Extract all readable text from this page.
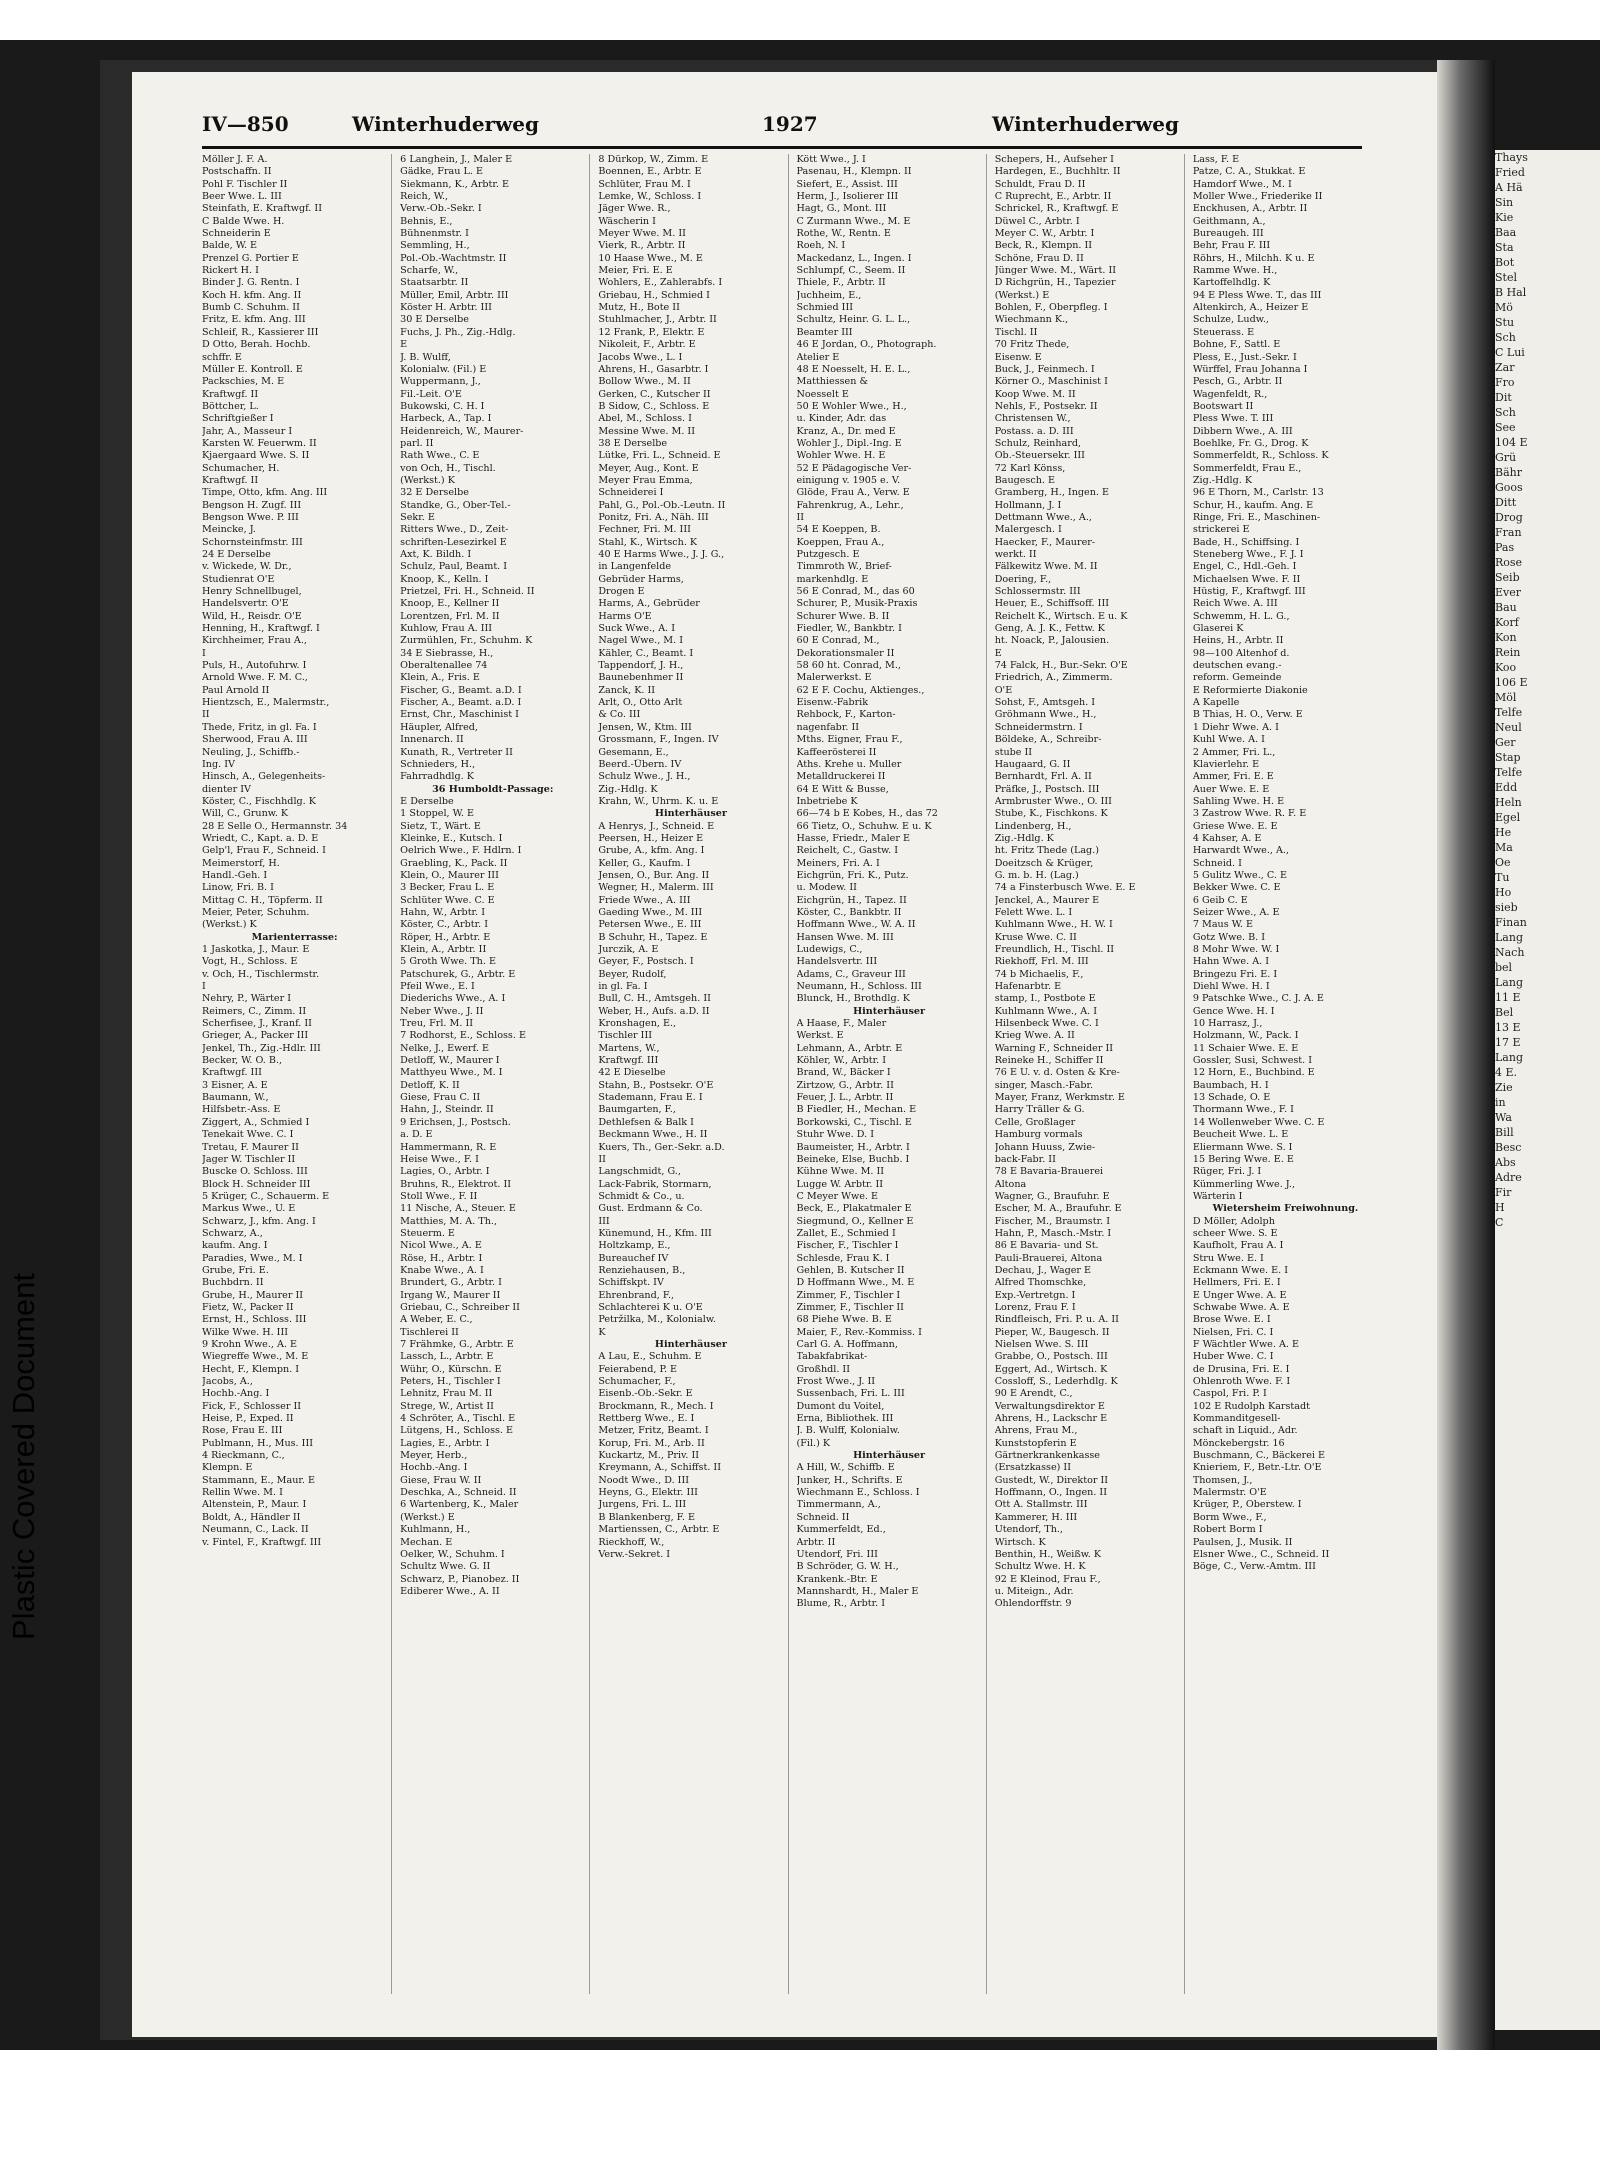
Plastic Covered Document
IV—850	Winterhuderweg	1927	Winterhuderweg
Möller J. F. A.
Postschaffn. II
Pohl F. Tischler II
Beer Wwe. L. III
Steinfath, E. Kraftwgf. II
C Balde Wwe. H.
Schneiderin E
Balde, W. E
Prenzel G. Portier E
Rickert H. I
Binder J. G. Rentn. I
Koch H. kfm. Ang. II
Bumb C. Schuhm. II
Fritz, E. kfm. Ang. III
Schleif, R., Kassierer III
D Otto, Berah. Hochb.
schffr. E
Müller E. Kontroll. E
Packschies, M. E
Kraftwgf. II
Böttcher, L.
Schriftgießer I
Jahr, A., Masseur I
Karsten W. Feuerwm. II
Kjaergaard Wwe. S. II
Schumacher, H.
Kraftwgf. II
Timpe, Otto, kfm. Ang. III
Bengson H. Zugf. III
Bengson Wwe. P. III
Meincke, J.
Schornsteinfmstr. III
24 E Derselbe
v. Wickede, W. Dr.,
Studienrat O'E
Henry Schnellbugel,
Handelsvertr. O'E
Wild, H., Reisdr. O'E
Henning, H., Kraftwgf. I
Kirchheimer, Frau A.,
I
Puls, H., Autofuhrw. I
Arnold Wwe. F. M. C.,
Paul Arnold II
Hientzsch, E., Malermstr.,
II
Thede, Fritz, in gl. Fa. I
Sherwood, Frau A. III
Neuling, J., Schiffb.-
Ing. IV
Hinsch, A., Gelegenheits-
dienter IV
Köster, C., Fischhdlg. K
Will, C., Grunw. K
28 E Selle O., Hermannstr. 34
Wriedt, C., Kapt. a. D. E
Gelp'l, Frau F., Schneid. I
Meimerstorf, H.
Handl.-Geh. I
Linow, Fri. B. I
Mittag C. H., Töpferm. II
Meier, Peter, Schuhm.
(Werkst.) K
Marienterrasse:
1 Jaskotka, J., Maur. E
Vogt, H., Schloss. E
v. Och, H., Tischlermstr.
I
Nehry, P., Wärter I
Reimers, C., Zimm. II
Scherfisee, J., Kranf. II
Grieger, A., Packer III
Jenkel, Th., Zig.-Hdlr. III
Becker, W. O. B.,
Kraftwgf. III
3 Eisner, A. E
Baumann, W.,
Hilfsbetr.-Ass. E
Ziggert, A., Schmied I
Tenekait Wwe. C. I
Tretau, F. Maurer II
Jager W. Tischler II
Buscke O. Schloss. III
Block H. Schneider III
5 Krüger, C., Schauerm. E
Markus Wwe., U. E
Schwarz, J., kfm. Ang. I
Schwarz, A.,
kaufm. Ang. I
Paradies, Wwe., M. I
Grube, Fri. E.
Buchbdrn. II
Grube, H., Maurer II
Fietz, W., Packer II
Ernst, H., Schloss. III
Wilke Wwe. H. III
9 Krohn Wwe., A. E
Wiegreffe Wwe., M. E
Hecht, F., Klempn. I
Jacobs, A.,
Hochb.-Ang. I
Fick, F., Schlosser II
Heise, P., Exped. II
Rose, Frau E. III
Publmann, H., Mus. III
4 Rieckmann, C.,
Klempn. E
Stammann, E., Maur. E
Rellin Wwe. M. I
Altenstein, P., Maur. I
Boldt, A., Händler II
Neumann, C., Lack. II
v. Fintel, F., Kraftwgf. III
6 Langhein, J., Maler E
Gädke, Frau L. E
Siekmann, K., Arbtr. E
Reich, W.,
Verw.-Ob.-Sekr. I
Behnis, E.,
Bühnenmstr. I
Semmling, H.,
Pol.-Ob.-Wachtmstr. II
Scharfe, W.,
Staatsarbtr. II
Müller, Emil, Arbtr. III
Köster H. Arbtr. III
30 E Derselbe
Fuchs, J. Ph., Zig.-Hdlg.
E
J. B. Wulff,
Kolonialw. (Fil.) E
Wuppermann, J.,
Fil.-Leit. O'E
Bukowski, C. H. I
Harbeck, A., Tap. I
Heidenreich, W., Maurer-
parl. II
Rath Wwe., C. E
von Och, H., Tischl.
(Werkst.) K
32 E Derselbe
Standke, G., Ober-Tel.-
Sekr. E
Ritters Wwe., D., Zeit-
schriften-Lesezirkel E
Axt, K. Bildh. I
Schulz, Paul, Beamt. I
Knoop, K., Kelln. I
Prietzel, Fri. H., Schneid. II
Knoop, E., Kellner II
Lorentzen, Frl. M. II
Kuhlow, Frau A. III
Zurmühlen, Fr., Schuhm. K
34 E Siebrasse, H.,
Oberaltenallee 74
Klein, A., Fris. E
Fischer, G., Beamt. a.D. I
Fischer, A., Beamt. a.D. I
Ernst, Chr., Maschinist I
Häupler, Alfred,
Innenarch. II
Kunath, R., Vertreter II
Schnieders, H.,
Fahrradhdlg. K
36 Humboldt-Passage:
E Derselbe
1 Stoppel, W. E
Sietz, T., Wärt. E
Kleinke, E., Kutsch. I
Oelrich Wwe., F. Hdlrn. I
Graebling, K., Pack. II
Klein, O., Maurer III
3 Becker, Frau L. E
Schlüter Wwe. C. E
Hahn, W., Arbtr. I
Köster, C., Arbtr. I
Röper, H., Arbtr. E
Klein, A., Arbtr. II
5 Groth Wwe. Th. E
Patschurek, G., Arbtr. E
Pfeil Wwe., E. I
Diederichs Wwe., A. I
Neber Wwe., J. II
Treu, Frl. M. II
7 Rodhorst, E., Schloss. E
Nelke, J., Ewerf. E
Detloff, W., Maurer I
Matthyeu Wwe., M. I
Detloff, K. II
Giese, Frau C. II
Hahn, J., Steindr. II
9 Erichsen, J., Postsch.
a. D. E
Hammermann, R. E
Heise Wwe., F. I
Lagies, O., Arbtr. I
Bruhns, R., Elektrot. II
Stoll Wwe., F. II
11 Nische, A., Steuer. E
Matthies, M. A. Th.,
Steuerm. E
Nicol Wwe., A. E
Röse, H., Arbtr. I
Knabe Wwe., A. I
Brundert, G., Arbtr. I
Irgang W., Maurer II
Griebau, C., Schreiber II
A Weber, E. C.,
Tischlerei II
7 Frähmke, G., Arbtr. E
Lassch, L., Arbtr. E
Wühr, O., Kürschn. E
Peters, H., Tischler I
Lehnitz, Frau M. II
Strege, W., Artist II
4 Schröter, A., Tischl. E
Lütgens, H., Schloss. E
Lagies, E., Arbtr. I
Meyer, Herb.,
Hochb.-Ang. I
Giese, Frau W. II
Deschka, A., Schneid. II
6 Wartenberg, K., Maler
(Werkst.) E
Kuhlmann, H.,
Mechan. E
Oelker, W., Schuhm. I
Schultz Wwe. G. II
Schwarz, P., Pianobez. II
Ediberer Wwe., A. II
8 Dürkop, W., Zimm. E
Boennen, E., Arbtr. E
Schlüter, Frau M. I
Lemke, W., Schloss. I
Jäger Wwe. R.,
Wäscherin I
Meyer Wwe. M. II
Vierk, R., Arbtr. II
10 Haase Wwe., M. E
Meier, Fri. E. E
Wohlers, E., Zahlerabfs. I
Griebau, H., Schmied I
Mutz, H., Bote II
Stuhlmacher, J., Arbtr. II
12 Frank, P., Elektr. E
Nikoleit, F., Arbtr. E
Jacobs Wwe., L. I
Ahrens, H., Gasarbtr. I
Bollow Wwe., M. II
Gerken, C., Kutscher II
B Sidow, C., Schloss. E
Abel, M., Schloss. I
Messine Wwe. M. II
38 E Derselbe
Lütke, Fri. L., Schneid. E
Meyer, Aug., Kont. E
Meyer Frau Emma,
Schneiderei I
Pahl, G., Pol.-Ob.-Leutn. II
Ponitz, Fri. A., Näh. III
Fechner, Fri. M. III
Stahl, K., Wirtsch. K
40 E Harms Wwe., J. J. G.,
in Langenfelde
Gebrüder Harms,
Drogen E
Harms, A., Gebrüder
Harms O'E
Suck Wwe., A. I
Nagel Wwe., M. I
Kähler, C., Beamt. I
Tappendorf, J. H.,
Baunebenhmer II
Zanck, K. II
Arlt, O., Otto Arlt
& Co. III
Jensen, W., Ktm. III
Grossmann, F., Ingen. IV
Gesemann, E.,
Beerd.-Übern. IV
Schulz Wwe., J. H.,
Zig.-Hdlg. K
Krahn, W., Uhrm. K. u. E
Hinterhäuser
A Henrys, J., Schneid. E
Peersen, H., Heizer E
Grube, A., kfm. Ang. I
Keller, G., Kaufm. I
Jensen, O., Bur. Ang. II
Wegner, H., Malerm. III
Friede Wwe., A. III
Gaeding Wwe., M. III
Petersen Wwe., E. III
B Schuhr, H., Tapez. E
Jurczik, A. E
Geyer, F., Postsch. I
Beyer, Rudolf,
in gl. Fa. I
Bull, C. H., Amtsgeh. II
Weber, H., Aufs. a.D. II
Kronshagen, E.,
Tischler III
Martens, W.,
Kraftwgf. III
42 E Dieselbe
Stahn, B., Postsekr. O'E
Stademann, Frau E. I
Baumgarten, F.,
Dethlefsen & Balk I
Beckmann Wwe., H. II
Kuers, Th., Ger.-Sekr. a.D.
II
Langschmidt, G.,
Lack-Fabrik, Stormarn,
Schmidt & Co., u.
Gust. Erdmann & Co.
III
Künemund, H., Kfm. III
Holtzkamp, E.,
Bureauchef IV
Renziehausen, B.,
Schiffskpt. IV
Ehrenbrand, F.,
Schlachterei K u. O'E
Petržilka, M., Kolonialw.
K
Hinterhäuser
A Lau, E., Schuhm. E
Feierabend, P. E
Schumacher, F.,
Eisenb.-Ob.-Sekr. E
Brockmann, R., Mech. I
Rettberg Wwe., E. I
Metzer, Fritz, Beamt. I
Korup, Fri. M., Arb. II
Kuckartz, M., Priv. II
Kreymann, A., Schiffst. II
Noodt Wwe., D. III
Heyns, G., Elektr. III
Jurgens, Fri. L. III
B Blankenberg, F. E
Martienssen, C., Arbtr. E
Rieckhoff, W.,
Verw.-Sekret. I
Kött Wwe., J. I
Pasenau, H., Klempn. II
Siefert, E., Assist. III
Herm, J., Isolierer III
Hagt, G., Mont. III
C Zurmann Wwe., M. E
Rothe, W., Rentn. E
Roeh, N. I
Mackedanz, L., Ingen. I
Schlumpf, C., Seem. II
Thiele, F., Arbtr. II
Juchheim, E.,
Schmied III
Schultz, Heinr. G. L. L.,
Beamter III
46 E Jordan, O., Photograph.
Atelier E
48 E Noesselt, H. E. L.,
Matthiessen &
Noesselt E
50 E Wohler Wwe., H.,
u. Kinder, Adr. das
Kranz, A., Dr. med E
Wohler J., Dipl.-Ing. E
Wohler Wwe. H. E
52 E Pädagogische Ver-
einigung v. 1905 e. V.
Glöde, Frau A., Verw. E
Fahrenkrug, A., Lehr.,
II
54 E Koeppen, B.
Koeppen, Frau A.,
Putzgesch. E
Timmroth W., Brief-
markenhdlg. E
56 E Conrad, M., das 60
Schurer, P., Musik-Praxis
Schurer Wwe. B. II
Fiedler, W., Bankbtr. I
60 E Conrad, M.,
Dekorationsmaler II
58 60 ht. Conrad, M.,
Malerwerkst. E
62 E F. Cochu, Aktienges.,
Eisenw.-Fabrik
Rehbock, F., Karton-
nagenfabr. II
Mths. Eigner, Frau F.,
Kaffeerösterei II
Aths. Krehe u. Muller
Metalldruckerei II
64 E Witt & Busse,
Inbetriebe K
66—74 b E Kobes, H., das 72
66 Tietz, O., Schuhw. E u. K
Hasse, Friedr., Maler E
Reichelt, C., Gastw. I
Meiners, Fri. A. I
Eichgrün, Fri. K., Putz.
u. Modew. II
Eichgrün, H., Tapez. II
Köster, C., Bankbtr. II
Hoffmann Wwe., W. A. II
Hansen Wwe. M. III
Ludewigs, C.,
Handelsvertr. III
Adams, C., Graveur III
Neumann, H., Schloss. III
Blunck, H., Brothdlg. K
Hinterhäuser
A Haase, F., Maler
Werkst. E
Lehmann, A., Arbtr. E
Köhler, W., Arbtr. I
Brand, W., Bäcker I
Zirtzow, G., Arbtr. II
Feuer, J. L., Arbtr. II
B Fiedler, H., Mechan. E
Borkowski, C., Tischl. E
Stuhr Wwe. D. I
Baumeister, H., Arbtr. I
Beineke, Else, Buchb. I
Kühne Wwe. M. II
Lugge W. Arbtr. II
C Meyer Wwe. E
Beck, E., Plakatmaler E
Siegmund, O., Kellner E
Zallet, E., Schmied I
Fischer, F., Tischler I
Schlesde, Frau K. I
Gehlen, B. Kutscher II
D Hoffmann Wwe., M. E
Zimmer, F., Tischler I
Zimmer, F., Tischler II
68 Piehe Wwe. B. E
Maier, F., Rev.-Kommiss. I
Carl G. A. Hoffmann,
Tabakfabrikat-
Großhdl. II
Frost Wwe., J. II
Sussenbach, Fri. L. III
Dumont du Voitel,
Erna, Bibliothek. III
J. B. Wulff, Kolonialw.
(Fil.) K
Hinterhäuser
A Hill, W., Schiffb. E
Junker, H., Schrifts. E
Wiechmann E., Schloss. I
Timmermann, A.,
Schneid. II
Kummerfeldt, Ed.,
Arbtr. II
Utendorf, Fri. III
B Schröder, G. W. H.,
Krankenk.-Btr. E
Mannshardt, H., Maler E
Blume, R., Arbtr. I
Schepers, H., Aufseher I
Hardegen, E., Buchhltr. II
Schuldt, Frau D. II
C Ruprecht, E., Arbtr. II
Schrickel, R., Kraftwgf. E
Düwel C., Arbtr. I
Meyer C. W., Arbtr. I
Beck, R., Klempn. II
Schöne, Frau D. II
Jünger Wwe. M., Wärt. II
D Richgrün, H., Tapezier
(Werkst.) E
Bohlen, F., Oberpfleg. I
Wiechmann K.,
Tischl. II
70 Fritz Thede,
Eisenw. E
Buck, J., Feinmech. I
Körner O., Maschinist I
Koop Wwe. M. II
Nehls, F., Postsekr. II
Christensen W.,
Postass. a. D. III
Schulz, Reinhard,
Ob.-Steuersekr. III
72 Karl Könss,
Baugesch. E
Gramberg, H., Ingen. E
Hollmann, J. I
Dettmann Wwe., A.,
Malergesch. I
Haecker, F., Maurer-
werkt. II
Fälkewitz Wwe. M. II
Doering, F.,
Schlossermstr. III
Heuer, E., Schiffsoff. III
Reichelt K., Wirtsch. E u. K
Geng, A. J. K., Fettw. K
ht. Noack, P., Jalousien.
E
74 Falck, H., Bur.-Sekr. O'E
Friedrich, A., Zimmerm.
O'E
Sohst, F., Amtsgeh. I
Gröhmann Wwe., H.,
Schneidermstrn. I
Böldeke, A., Schreibr-
stube II
Haugaard, G. II
Bernhardt, Frl. A. II
Präfke, J., Postsch. III
Armbruster Wwe., O. III
Stube, K., Fischkons. K
Lindenberg, H.,
Zig.-Hdlg. K
ht. Fritz Thede (Lag.)
Doeitzsch & Krüger,
G. m. b. H. (Lag.)
74 a Finsterbusch Wwe. E. E
Jenckel, A., Maurer E
Felett Wwe. L. I
Kuhlmann Wwe., H. W. I
Kruse Wwe. C. II
Freundlich, H., Tischl. II
Riekhoff, Frl. M. III
74 b Michaelis, F.,
Hafenarbtr. E
stamp, I., Postbote E
Kuhlmann Wwe., A. I
Hilsenbeck Wwe. C. I
Krieg Wwe. A. II
Warning F., Schneider II
Reineke H., Schiffer II
76 E U. v. d. Osten & Kre-
singer, Masch.-Fabr.
Mayer, Franz, Werkmstr. E
Harry Träller & G.
Celle, Großlager
Hamburg vormals
Johann Huuss, Zwie-
back-Fabr. II
78 E Bavaria-Brauerei
Altona
Wagner, G., Braufuhr. E
Escher, M. A., Braufuhr. E
Fischer, M., Braumstr. I
Hahn, P., Masch.-Mstr. I
86 E Bavaria- und St.
Pauli-Brauerei, Altona
Dechau, J., Wager E
Alfred Thomschke,
Exp.-Vertretgn. I
Lorenz, Frau F. I
Rindfleisch, Fri. P. u. A. II
Pieper, W., Baugesch. II
Nielsen Wwe. S. III
Grabbe, O., Postsch. III
Eggert, Ad., Wirtsch. K
Cossloff, S., Lederhdlg. K
90 E Arendt, C.,
Verwaltungsdirektor E
Ahrens, H., Lackschr E
Ahrens, Frau M.,
Kunststopferin E
Gärtnerkrankenkasse
(Ersatzkasse) II
Gustedt, W., Direktor II
Hoffmann, O., Ingen. II
Ott A. Stallmstr. III
Kammerer, H. III
Utendorf, Th.,
Wirtsch. K
Benthin, H., Weißw. K
Schultz Wwe. H. K
92 E Kleinod, Frau F.,
u. Miteign., Adr.
Ohlendorffstr. 9
Lass, F. E
Patze, C. A., Stukkat. E
Hamdorf Wwe., M. I
Moller Wwe., Friederike II
Enckhusen, A., Arbtr. II
Geithmann, A.,
Bureaugeh. III
Behr, Frau F. III
Röhrs, H., Milchh. K u. E
Ramme Wwe. H.,
Kartoffelhdlg. K
94 E Pless Wwe. T., das III
Altenkirch, A., Heizer E
Schulze, Ludw.,
Steuerass. E
Bohne, F., Sattl. E
Pless, E., Just.-Sekr. I
Würffel, Frau Johanna I
Pesch, G., Arbtr. II
Wagenfeldt, R.,
Bootswart II
Pless Wwe. T. III
Dibbern Wwe., A. III
Boehlke, Fr. G., Drog. K
Sommerfeldt, R., Schloss. K
Sommerfeldt, Frau E.,
Zig.-Hdlg. K
96 E Thorn, M., Carlstr. 13
Schur, H., kaufm. Ang. E
Ringe, Fri. E., Maschinen-
strickerei E
Bade, H., Schiffsing. I
Steneberg Wwe., F. J. I
Engel, C., Hdl.-Geh. I
Michaelsen Wwe. F. II
Hüstig, F., Kraftwgf. III
Reich Wwe. A. III
Schwemm, H. L. G.,
Glaserei K
Heins, H., Arbtr. II
98—100 Altenhof d.
deutschen evang.-
reform. Gemeinde
E Reformierte Diakonie
A Kapelle
B Thias, H. O., Verw. E
1 Diehr Wwe. A. I
Kuhl Wwe. A. I
2 Ammer, Fri. L.,
Klavierlehr. E
Ammer, Fri. E. E
Auer Wwe. E. E
Sahling Wwe. H. E
3 Zastrow Wwe. R. F. E
Griese Wwe. E. E
4 Kahser, A. E
Harwardt Wwe., A.,
Schneid. I
5 Gulitz Wwe., C. E
Bekker Wwe. C. E
6 Geib C. E
Seizer Wwe., A. E
7 Maus W. E
Gotz Wwe. B. I
8 Mohr Wwe. W. I
Hahn Wwe. A. I
Bringezu Fri. E. I
Diehl Wwe. H. I
9 Patschke Wwe., C. J. A. E
Gence Wwe. H. I
10 Harrasz, J.,
Holzmann, W., Pack. I
11 Schaier Wwe. E. E
Gossler, Susi, Schwest. I
12 Horn, E., Buchbind. E
Baumbach, H. I
13 Schade, O. E
Thormann Wwe., F. I
14 Wollenweber Wwe. C. E
Beucheit Wwe. L. E
Eliermann Wwe. S. I
15 Bering Wwe. E. E
Rüger, Fri. J. I
Kümmerling Wwe. J.,
Wärterin I
Wietersheim Freiwohnung.
D Möller, Adolph
scheer Wwe. S. E
Kaufholt, Frau A. I
Stru Wwe. E. I
Eckmann Wwe. E. I
Hellmers, Fri. E. I
E Unger Wwe. A. E
Schwabe Wwe. A. E
Brose Wwe. E. I
Nielsen, Fri. C. I
F Wächtler Wwe. A. E
Huber Wwe. C. I
de Drusina, Fri. E. I
Ohlenroth Wwe. F. I
Caspol, Fri. P. I
102 E Rudolph Karstadt
Kommanditgesell-
schaft in Liquid., Adr.
Mönckebergstr. 16
Buschmann, C., Bäckerei E
Knieriem, F., Betr.-Ltr. O'E
Thomsen, J.,
Malermstr. O'E
Krüger, P., Oberstew. I
Borm Wwe., F.,
Robert Borm I
Paulsen, J., Musik. II
Elsner Wwe., C., Schneid. II
Böge, C., Verw.-Amtm. III
Thays
Fried
A Hä
Sin
Kie
Baa
Sta
Bot
Stel
B Hal
Mö
Stu
Sch
C Lui
Zar
Fro
Dit
Sch
See
104 E
Grü
Bähr
Goos
Ditt
Drog
Fran
Pas
Rose
Seib
Ever
Bau
Korf
Kon
Rein
Koo
106 E
Möl
Telfe
Neul
Ger
Stap
Telfe
Edd
Heln
Egel
He
Ma
Oe
Tu
Ho
sieb
Finan
Lang
Nach
bel
Lang
11 E
Bel
13 E
17 E
Lang
4 E.
Zie
in
Wa
Bill
Besc
Abs
Adre
Fir
H
C
